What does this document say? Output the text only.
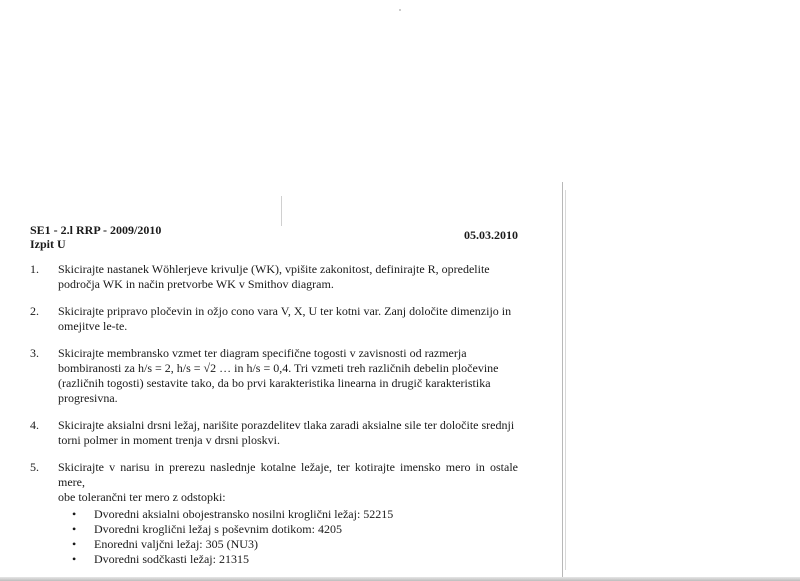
SE1 - 2.l RRP - 2009/2010
Izpit U
05.03.2010
1. Skicirajte nastanek Wöhlerjeve krivulje (WK), vpišite zakonitost, definirajte R, opredelite
področja WK in način pretvorbe WK v Smithov diagram.
2. Skicirajte pripravo pločevin in ožjo cono vara V, X, U ter kotni var. Zanj določite dimenzijo in
omejitve le-te.
3. Skicirajte membransko vzmet ter diagram specifične togosti v zavisnosti od razmerja
bombiranosti za h/s = 2, h/s = √2 … in h/s = 0,4. Tri vzmeti treh različnih debelin pločevine
(različnih togosti) sestavite tako, da bo prvi karakteristika linearna in drugič karakteristika
progresivna.
4. Skicirajte aksialni drsni ležaj, narišite porazdelitev tlaka zaradi aksialne sile ter določite srednji
torni polmer in moment trenja v drsni ploskvi.
5. Skicirajte v narisu in prerezu naslednje kotalne ležaje, ter kotirajte imensko mero in ostale mere,
obe tolerančni ter mero z odstopki:
• Dvoredni aksialni obojestransko nosilni kroglični ležaj: 52215
• Dvoredni kroglični ležaj s poševnim dotikom: 4205
• Enoredni valjčni ležaj: 305 (NU3)
• Dvoredni sodčkasti ležaj: 21315
